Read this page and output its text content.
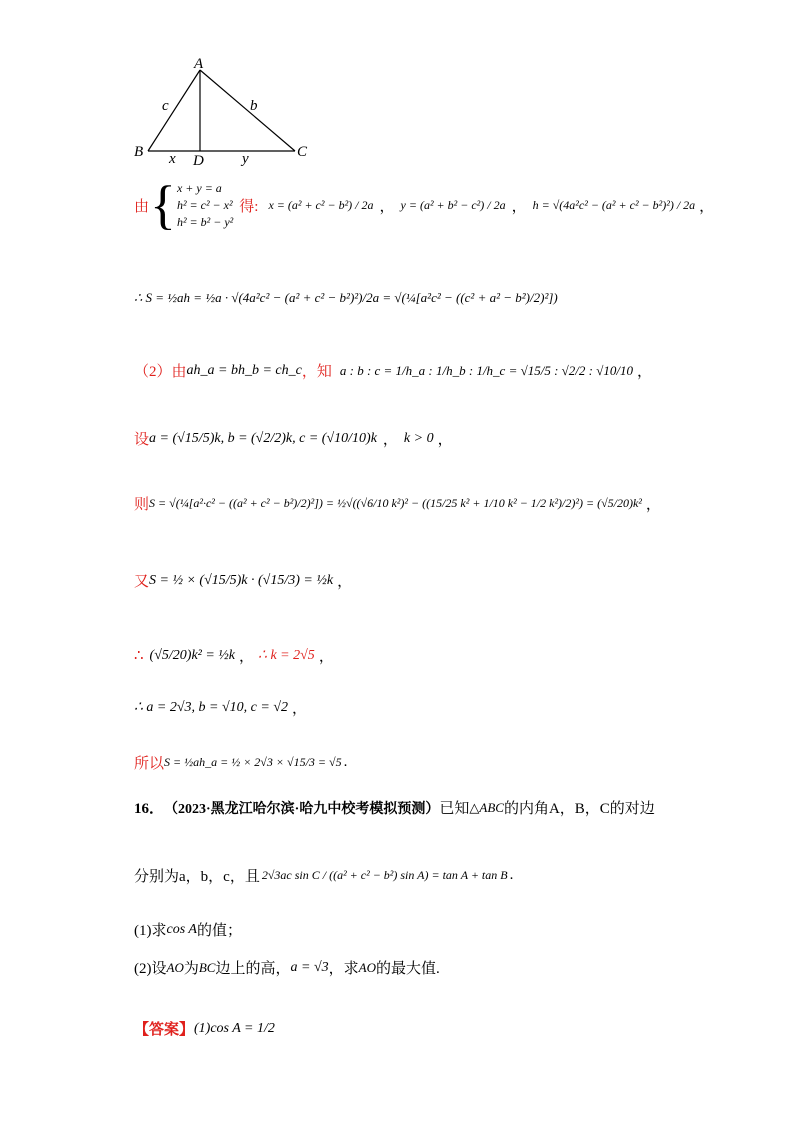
A
B	C
D
c	b
x	y
由 { x + y = a
h² = c² − x²
h² = b² − y²
得: x = (a² + c² − b²) / 2a ， y = (a² + b² − c²) / 2a ， h = √(4a²c² − (a² + c² − b²)²) / 2a ，
∴ S = ½ah = ½a · √(4a²c² − (a² + c² − b²)²)/2a = √(¼[a²c² − ((c² + a² − b²)/2)²])
（2）由 ah_a = bh_b = ch_c ，知 a : b : c = 1/h_a : 1/h_b : 1/h_c = √15/5 : √2/2 : √10/10 ，
设 a = (√15/5)k, b = (√2/2)k, c = (√10/10)k ， k > 0 ，
则 S = √(¼[a²·c² − ((a² + c² − b²)/2)²]) = ½√((√6/10 k²)² − ((15/25 k² + 1/10 k² − 1/2 k²)/2)²) = (√5/20)k² ，
又 S = ½ × (√15/5)k · (√15/3) = ½k ，
∴ (√5/20)k² = ½k ， ∴ k = 2√5 ，
∴ a = 2√3, b = √10, c = √2 ，
所以 S = ½ah_a = ½ × 2√3 × √15/3 = √5 .
16． （2023·黑龙江哈尔滨·哈九中校考模拟预测） 已知 △ABC 的内角A，B，C的对边
分别为a，b，c，且 2√3ac sin C / ((a² + c² − b²) sin A) = tan A + tan B .
(1)求 cos A 的值；
(2)设 AO 为 BC 边上的高， a = √3 ，求 AO 的最大值.
【答案】 (1)cos A = 1/2
